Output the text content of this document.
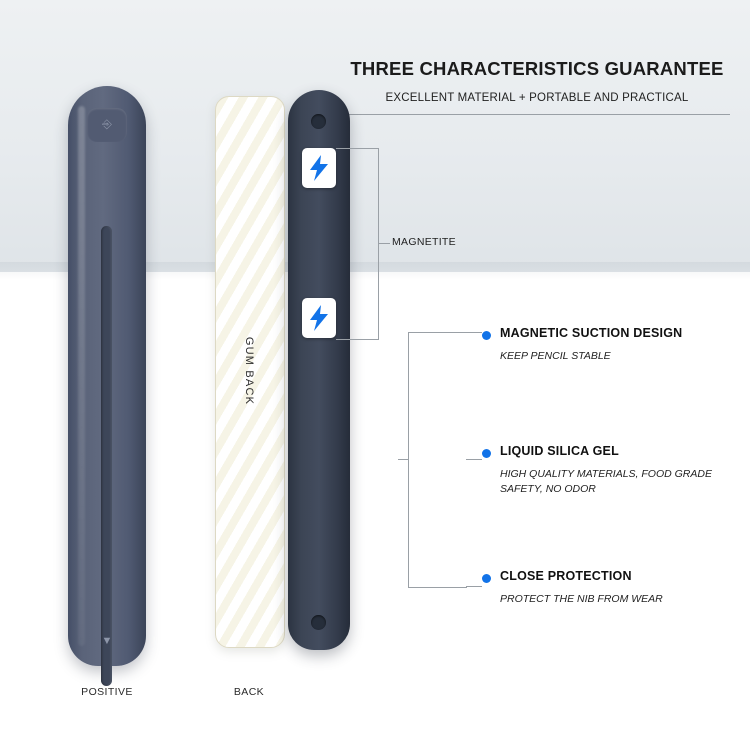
THREE CHARACTERISTICS GUARANTEE
EXCELLENT MATERIAL + PORTABLE AND PRACTICAL
⎆
▼
GUM BACK
MAGNETITE
MAGNETIC SUCTION DESIGN
KEEP PENCIL STABLE
LIQUID SILICA GEL
HIGH QUALITY MATERIALS, FOOD GRADE SAFETY, NO ODOR
CLOSE PROTECTION
PROTECT THE NIB FROM WEAR
POSITIVE	BACK
